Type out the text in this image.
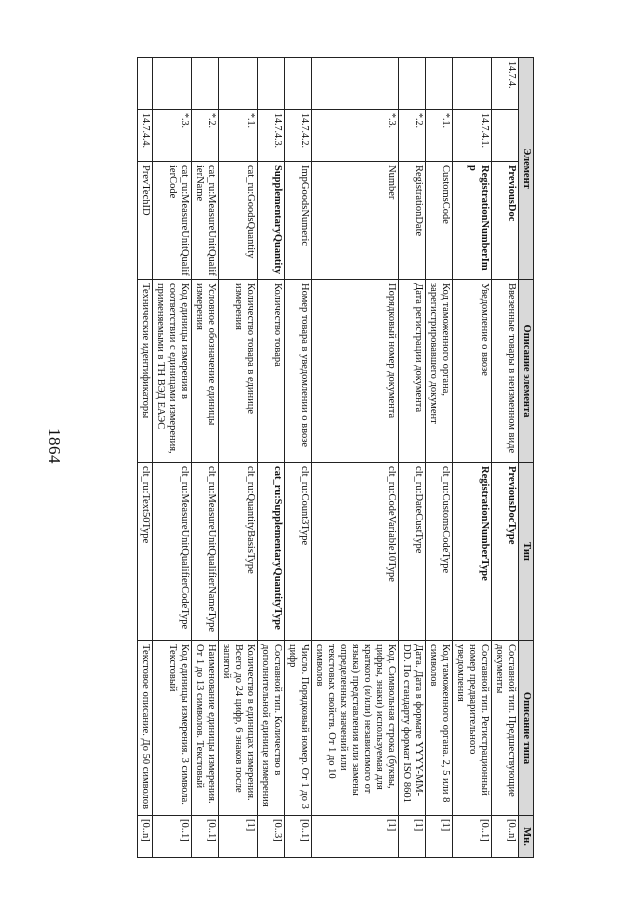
1864
Элемент			Описание элемента	Тип	Описание типа	Мн.
14.7.4.		PreviousDoc	Ввезенные товары в неизменном виде	PreviousDocType	Составной тип. Предшествующие документы	[0..n]
	14.7.4.1.	RegistrationNumberImp	Уведомление о ввозе	RegistrationNumberType	Составной тип. Регистрационный номер предварительного уведомления	[0..1]
	*.1.	CustomsCode	Код таможенного органа, зарегистрировавшего документ	clt_ru:CustomsCodeType	Код таможенного органа. 2, 5 или 8 символов	[1]
	*.2.	RegistrationDate	Дата регистрации документа	clt_ru:DateCustType	Дата. Дата в формате YYYY-MM-DD. По стандарту формат ISO 8601	[1]
	*.3.	Number	Порядковый номер документа	clt_ru:CodeVariable10Type	Код. Символьная строка (буквы, цифры, знаки) используемая для краткого (и/или) независимого от языка) представления или замены определенных значений или текстовых свойств. От 1 до 10 символов	[1]
	14.7.4.2.	ImpGoodsNumeric	Номер товара в уведомлении о ввозе	clt_ru:Count3Type	Число. Порядковый номер. От 1 до 3 цифр	[0..1]
	14.7.4.3.	SupplementaryQuantity	Количество товара	cat_ru:SupplementaryQuantityType	Составной тип. Количество в дополнительной единице измерения	[0..3]
	*.1.	cat_ru:GoodsQuantity	Количество товара в единице измерения	clt_ru:QuantityBasisType	Количество в единицах измерения. Всего до 24 цифр, 6 знаков после запятой	[1]
	*.2.	cat_ru:MeasureUnitQualifierName	Условное обозначение единицы измерения	clt_ru:MeasureUnitQualifierNameType	Наименование единицы измерения. От 1 до 13 символов. Текстовый	[0..1]
	*.3.	cat_ru:MeasureUnitQualifierCode	Код единицы измерения в соответствии с единицами измерения, применяемыми в ТН ВЭД ЕАЭС	clt_ru:MeasureUnitQualifierCodeType	Код единицы измерения. 3 символа. Текстовый	[0..1]
	14.7.4.4.	PrevTechID	Технические идентификаторы	clt_ru:Text50Type	Текстовое описание. До 50 символов	[0..n]
